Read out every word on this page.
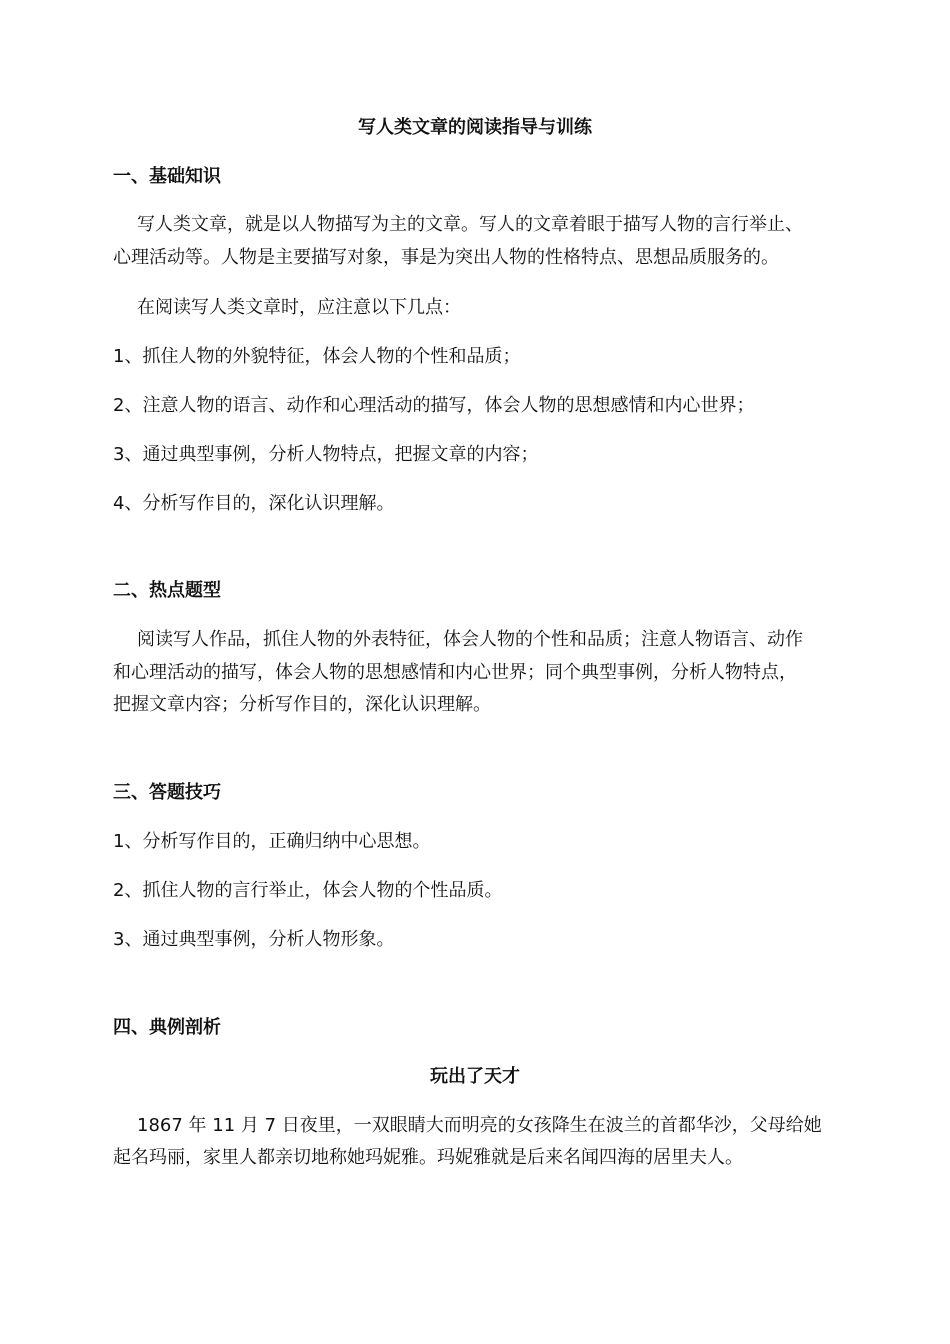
写人类文章的阅读指导与训练
一、基础知识
写人类文章，就是以人物描写为主的文章。写人的文章着眼于描写人物的言行举止、
心理活动等。人物是主要描写对象，事是为突出人物的性格特点、思想品质服务的。
在阅读写人类文章时，应注意以下几点：
1、抓住人物的外貌特征，体会人物的个性和品质；
2、注意人物的语言、动作和心理活动的描写，体会人物的思想感情和内心世界；
3、通过典型事例，分析人物特点，把握文章的内容；
4、分析写作目的，深化认识理解。
二、热点题型
阅读写人作品，抓住人物的外表特征，体会人物的个性和品质；注意人物语言、动作
和心理活动的描写，体会人物的思想感情和内心世界；同个典型事例，分析人物特点，
把握文章内容；分析写作目的，深化认识理解。
三、答题技巧
1、分析写作目的，正确归纳中心思想。
2、抓住人物的言行举止，体会人物的个性品质。
3、通过典型事例，分析人物形象。
四、典例剖析
玩出了天才
1867 年 11 月 7 日夜里，一双眼睛大而明亮的女孩降生在波兰的首都华沙，父母给她
起名玛丽，家里人都亲切地称她玛妮雅。玛妮雅就是后来名闻四海的居里夫人。
